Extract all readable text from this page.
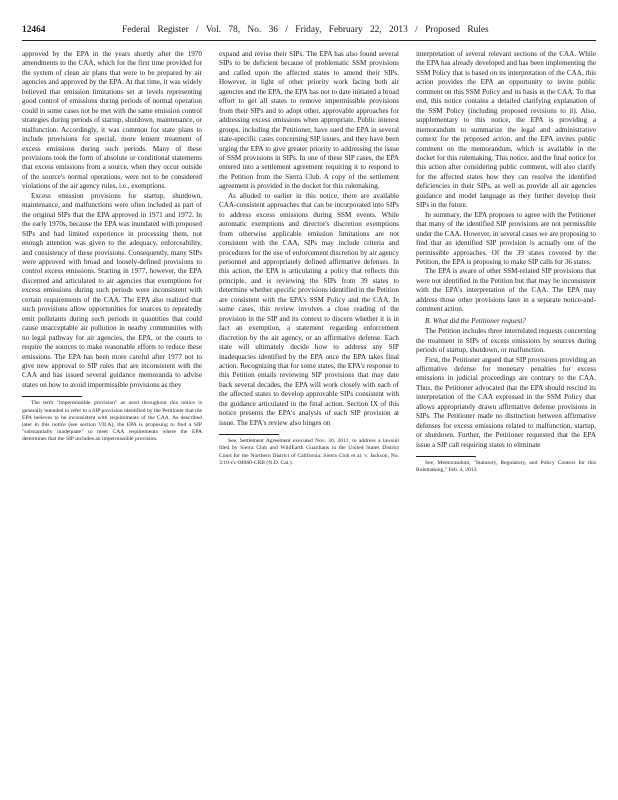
12464	Federal Register / Vol. 78, No. 36 / Friday, February 22, 2013 / Proposed Rules

approved by the EPA in the years shortly after the 1970 amendments to the CAA, which for the first time provided for the system of clean air plans that were to be prepared by air agencies and approved by the EPA. At that time, it was widely believed that emission limitations set at levels representing good control of emissions during periods of normal operation could in some cases not be met with the same emission control strategies during periods of startup, shutdown, maintenance, or malfunction. Accordingly, it was common for state plans to include provisions for special, more lenient treatment of excess emissions during such periods. Many of these provisions took the form of absolute or conditional statements that excess emissions from a source, when they occur outside of the source's normal operations, were not to be considered violations of the air agency rules, i.e., exemptions.

Excess emission provisions for startup, shutdown, maintenance, and malfunctions were often included as part of the original SIPs that the EPA approved in 1971 and 1972. In the early 1970s, because the EPA was inundated with proposed SIPs and had limited experience in processing them, not enough attention was given to the adequacy, enforceability, and consistency of these provisions. Consequently, many SIPs were approved with broad and loosely-defined provisions to control excess emissions. Starting in 1977, however, the EPA discerned and articulated to air agencies that exemptions for excess emissions during such periods were inconsistent with certain requirements of the CAA. The EPA also realized that such provisions allow opportunities for sources to repeatedly emit pollutants during such periods in quantities that could cause unacceptable air pollution in nearby communities with no legal pathway for air agencies, the EPA, or the courts to require the sources to make reasonable efforts to reduce these emissions. The EPA has been more careful after 1977 not to give new approval to SIP rules that are inconsistent with the CAA and has issued several guidance memoranda to advise states on how to avoid impermissible provisions as they

The term "impermissible provision" as used throughout this notice is generally intended to refer to a SIP provision identified by the Petitioner that the EPA believes to be inconsistent with requirements of the CAA. As described later in this notice (see section VII.A), the EPA is proposing to find a SIP "substantially inadequate" to meet CAA requirements where the EPA determines that the SIP includes an impermissible provision.

expand and revise their SIPs. The EPA has also found several SIPs to be deficient because of problematic SSM provisions and called upon the affected states to amend their SIPs. However, in light of other priority work facing both air agencies and the EPA, the EPA has not to date initiated a broad effort to get all states to remove impermissible provisions from their SIPs and to adopt other, approvable approaches for addressing excess emissions when appropriate. Public interest groups, including the Petitioner, have sued the EPA in several state-specific cases concerning SIP issues, and they have been urging the EPA to give greater priority to addressing the issue of SSM provisions in SIPs. In one of these SIP cases, the EPA entered into a settlement agreement requiring it to respond to the Petition from the Sierra Club. A copy of the settlement agreement is provided in the docket for this rulemaking.

As alluded to earlier in this notice, there are available CAA-consistent approaches that can be incorporated into SIPs to address excess emissions during SSM events. While automatic exemptions and director's discretion exemptions from otherwise applicable emission limitations are not consistent with the CAA, SIPs may include criteria and procedures for the use of enforcement discretion by air agency personnel and appropriately defined affirmative defenses. In this action, the EPA is articulating a policy that reflects this principle, and is reviewing the SIPs from 39 states to determine whether specific provisions identified in the Petition are consistent with the EPA's SSM Policy and the CAA. In some cases, this review involves a close reading of the provision in the SIP and its context to discern whether it is in fact an exemption, a statement regarding enforcement discretion by the air agency, or an affirmative defense. Each state will ultimately decide how to address any SIP inadequacies identified by the EPA once the EPA takes final action. Recognizing that for some states, the EPA's response to this Petition entails reviewing SIP provisions that may date back several decades, the EPA will work closely with each of the affected states to develop approvable SIPs consistent with the guidance articulated in the final action. Section IX of this notice presents the EPA's analysis of each SIP provision at issue. The EPA's review also hinges on

See, Settlement Agreement executed Nov. 30, 2011, to address a lawsuit filed by Sierra Club and WildEarth Guardians in the United States District Court for the Northern District of California: Sierra Club et al. v. Jackson, No. 3:10-cv-04060-CRB (N.D. Cal.).

interpretation of several relevant sections of the CAA. While the EPA has already developed and has been implementing the SSM Policy that is based on its interpretation of the CAA, this action provides the EPA an opportunity to invite public comment on this SSM Policy and its basis in the CAA. To that end, this notice contains a detailed clarifying explanation of the SSM Policy (including proposed revisions to it). Also, supplementary to this notice, the EPA is providing a memorandum to summarize the legal and administrative context for the proposed action, and the EPA invites public comment on the memorandum, which is available in the docket for this rulemaking. This notice, and the final notice for this action after considering public comment, will also clarify for the affected states how they can resolve the identified deficiencies in their SIPs, as well as provide all air agencies guidance and model language as they further develop their SIPs in the future.

In summary, the EPA proposes to agree with the Petitioner that many of the identified SIP provisions are not permissible under the CAA. However, in several cases we are proposing to find that an identified SIP provision is actually one of the permissible approaches. Of the 39 states covered by the Petition, the EPA is proposing to make SIP calls for 36 states.

The EPA is aware of other SSM-related SIP provisions that were not identified in the Petition but that may be inconsistent with the EPA's interpretation of the CAA. The EPA may address those other provisions later in a separate notice-and-comment action.

B. What did the Petitioner request?

The Petition includes three interrelated requests concerning the treatment in SIPs of excess emissions by sources during periods of startup, shutdown, or malfunction.

First, the Petitioner argued that SIP provisions providing an affirmative defense for monetary penalties for excess emissions in judicial proceedings are contrary to the CAA. Thus, the Petitioner advocated that the EPA should rescind its interpretation of the CAA expressed in the SSM Policy that allows appropriately drawn affirmative defense provisions in SIPs. The Petitioner made no distinction between affirmative defenses for excess emissions related to malfunction, startup, or shutdown. Further, the Petitioner requested that the EPA issue a SIP call requiring states to eliminate

See, Memorandum, "Statutory, Regulatory, and Policy Context for this Rulemaking," Feb. 4, 2013.
